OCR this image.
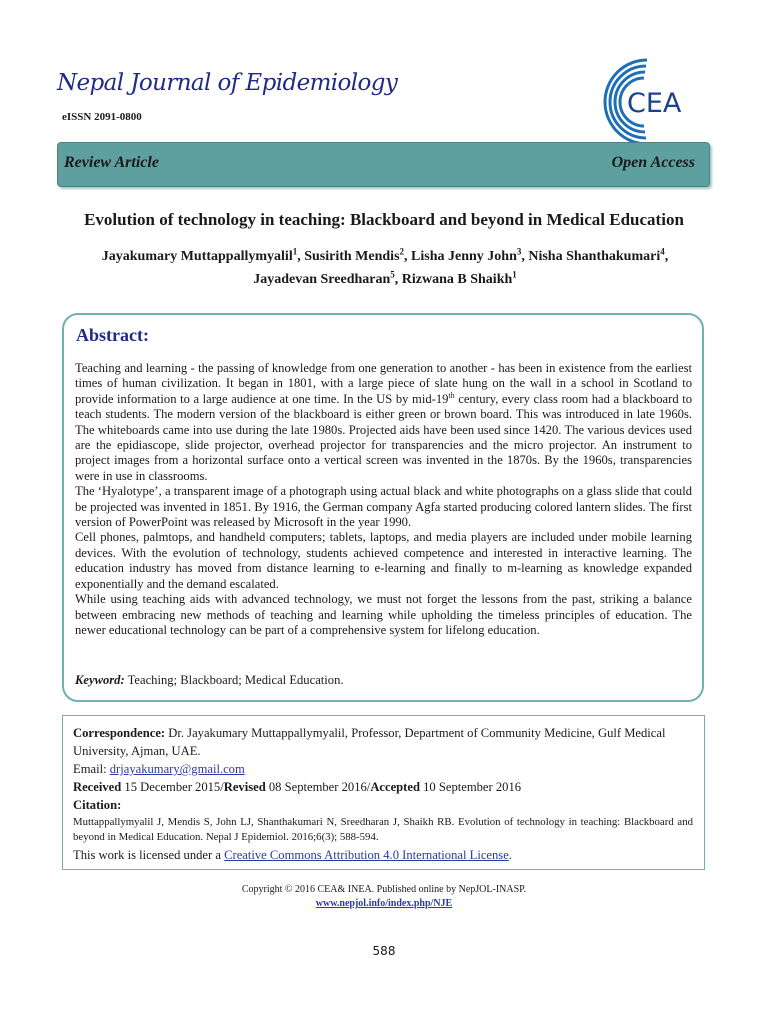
Nepal Journal of Epidemiology
eISSN 2091-0800	CEA
Review Article	Open Access
Evolution of technology in teaching: Blackboard and beyond in Medical Education
Jayakumary Muttappallymyalil$^1$, Susirith Mendis$^2$, Lisha Jenny John$^3$, Nisha Shanthakumari$^4$,
Jayadevan Sreedharan$^5$, Rizwana B Shaikh$^1$
Abstract:

Teaching and learning - the passing of knowledge from one generation to another - has been in existence from the earliest times of human civilization. It began in 1801, with a large piece of slate hung on the wall in a school in Scotland to provide information to a large audience at one time. In the US by mid-19th century, every class room had a blackboard to teach students. The modern version of the blackboard is either green or brown board. This was introduced in late 1960s. The whiteboards came into use during the late 1980s. Projected aids have been used since 1420. The various devices used are the epidiascope, slide projector, overhead projector for transparencies and the micro projector. An instrument to project images from a horizontal surface onto a vertical screen was invented in the 1870s. By the 1960s, transparencies were in use in classrooms.

The ‘Hyalotype’, a transparent image of a photograph using actual black and white photographs on a glass slide that could be projected was invented in 1851. By 1916, the German company Agfa started producing colored lantern slides. The first version of PowerPoint was released by Microsoft in the year 1990.

Cell phones, palmtops, and handheld computers; tablets, laptops, and media players are included under mobile learning devices. With the evolution of technology, students achieved competence and interested in interactive learning. The education industry has moved from distance learning to e-learning and finally to m-learning as knowledge expanded exponentially and the demand escalated.

While using teaching aids with advanced technology, we must not forget the lessons from the past, striking a balance between embracing new methods of teaching and learning while upholding the timeless principles of education. The newer educational technology can be part of a comprehensive system for lifelong education.

Keyword: Teaching; Blackboard; Medical Education.

Correspondence: Dr. Jayakumary Muttappallymyalil, Professor, Department of Community Medicine, Gulf Medical University, Ajman, UAE.

Email: drjayakumary@gmail.com

Received 15 December 2015/Revised 08 September 2016/Accepted 10 September 2016

Citation:

Muttappallymyalil J, Mendis S, John LJ, Shanthakumari N, Sreedharan J, Shaikh RB. Evolution of technology in teaching: Blackboard and beyond in Medical Education. Nepal J Epidemiol. 2016;6(3); 588-594.

This work is licensed under a Creative Commons Attribution 4.0 International License.

Copyright © 2016 CEA& INEA. Published online by NepJOL-INASP.
www.nepjol.info/index.php/NJE
588
